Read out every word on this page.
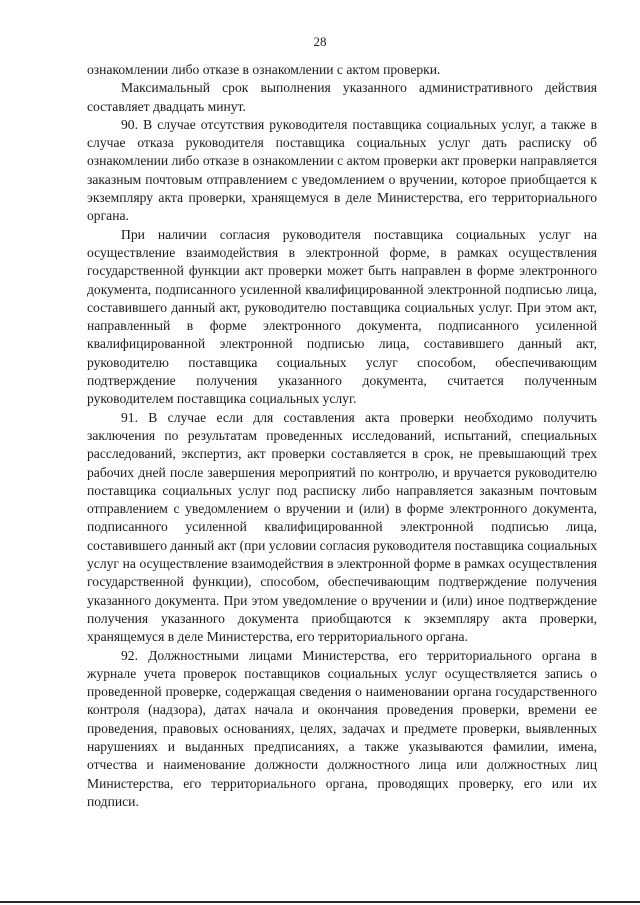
28

ознакомлении либо отказе в ознакомлении с актом проверки.

Максимальный срок выполнения указанного административного действия составляет двадцать минут.

90. В случае отсутствия руководителя поставщика социальных услуг, а также в случае отказа руководителя поставщика социальных услуг дать расписку об ознакомлении либо отказе в ознакомлении с актом проверки акт проверки направляется заказным почтовым отправлением с уведомлением о вручении, которое приобщается к экземпляру акта проверки, хранящемуся в деле Министерства, его территориального органа.

При наличии согласия руководителя поставщика социальных услуг на осуществление взаимодействия в электронной форме, в рамках осуществления государственной функции акт проверки может быть направлен в форме электронного документа, подписанного усиленной квалифицированной электронной подписью лица, составившего данный акт, руководителю поставщика социальных услуг. При этом акт, направленный в форме электронного документа, подписанного усиленной квалифицированной электронной подписью лица, составившего данный акт, руководителю поставщика социальных услуг способом, обеспечивающим подтверждение получения указанного документа, считается полученным руководителем поставщика социальных услуг.

91. В случае если для составления акта проверки необходимо получить заключения по результатам проведенных исследований, испытаний, специальных расследований, экспертиз, акт проверки составляется в срок, не превышающий трех рабочих дней после завершения мероприятий по контролю, и вручается руководителю поставщика социальных услуг под расписку либо направляется заказным почтовым отправлением с уведомлением о вручении и (или) в форме электронного документа, подписанного усиленной квалифицированной электронной подписью лица, составившего данный акт (при условии согласия руководителя поставщика социальных услуг на осуществление взаимодействия в электронной форме в рамках осуществления государственной функции), способом, обеспечивающим подтверждение получения указанного документа. При этом уведомление о вручении и (или) иное подтверждение получения указанного документа приобщаются к экземпляру акта проверки, хранящемуся в деле Министерства, его территориального органа.

92. Должностными лицами Министерства, его территориального органа в журнале учета проверок поставщиков социальных услуг осуществляется запись о проведенной проверке, содержащая сведения о наименовании органа государственного контроля (надзора), датах начала и окончания проведения проверки, времени ее проведения, правовых основаниях, целях, задачах и предмете проверки, выявленных нарушениях и выданных предписаниях, а также указываются фамилии, имена, отчества и наименование должности должностного лица или должностных лиц Министерства, его территориального органа, проводящих проверку, его или их подписи.
